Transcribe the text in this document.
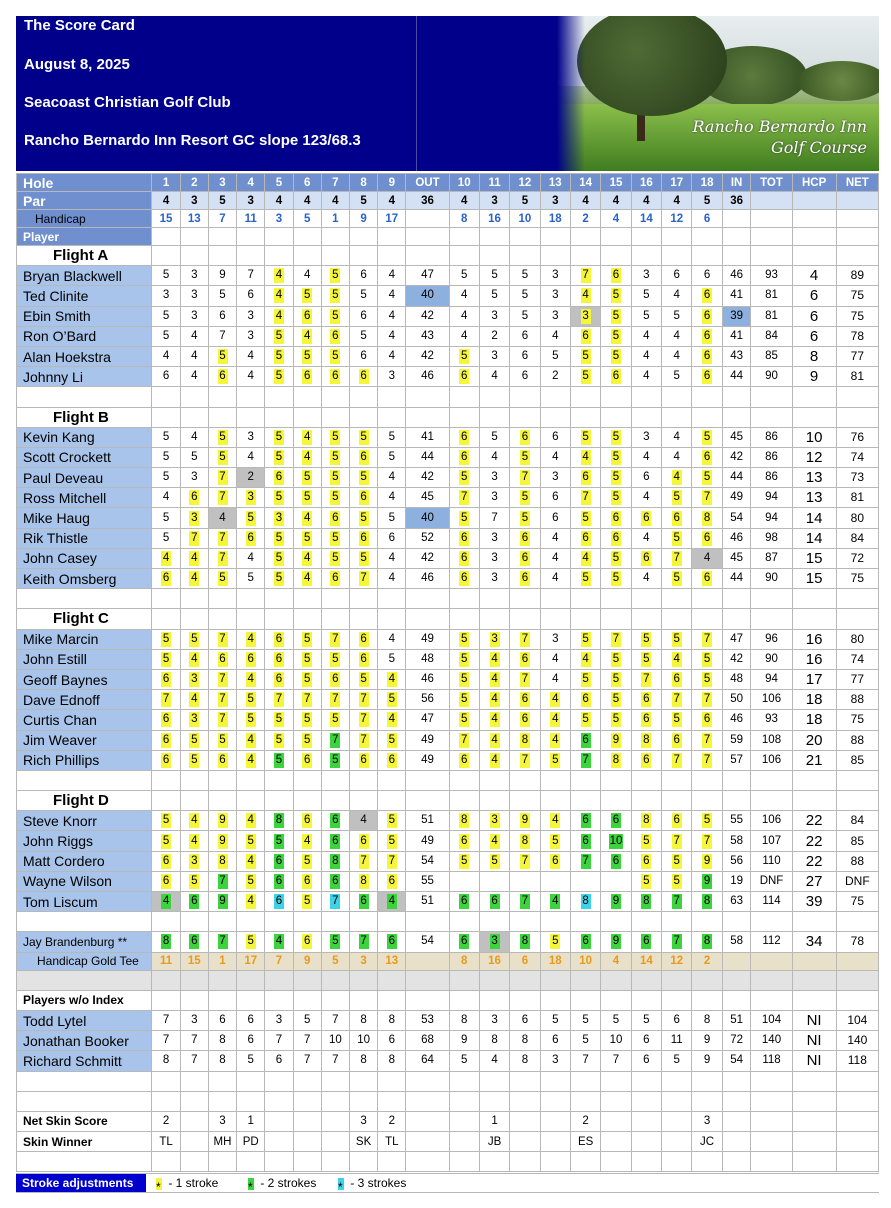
The Score Card
August 8, 2025
Seacoast Christian Golf Club
Rancho Bernardo Inn Resort GC slope 123/68.3
Rancho Bernardo Inn
Golf Course
Hole	1	2	3	4	5	6	7	8	9	OUT	10	11	12	13	14	15	16	17	18	IN	TOT	HCP	NET
Par	4	3	5	3	4	4	4	5	4	36	4	3	5	3	4	4	4	4	5	36			
Handicap	15	13	7	11	3	5	1	9	17		8	16	10	18	2	4	14	12	6				
Player																							
Flight A																							
Bryan Blackwell	5	3	9	7	4	4	5	6	4	47	5	5	5	3	7	6	3	6	6	46	93	4	89
Ted Clinite	3	3	5	6	4	5	5	5	4	40	4	5	5	3	4	5	5	4	6	41	81	6	75
Ebin Smith	5	3	6	3	4	6	5	6	4	42	4	3	5	3	3	5	5	5	6	39	81	6	75
Ron O’Bard	5	4	7	3	5	4	6	5	4	43	4	2	6	4	6	5	4	4	6	41	84	6	78
Alan Hoekstra	4	4	5	4	5	5	5	6	4	42	5	3	6	5	5	5	4	4	6	43	85	8	77
Johnny Li	6	4	6	4	5	6	6	6	3	46	6	4	6	2	5	6	4	5	6	44	90	9	81

Flight B																							
Kevin Kang	5	4	5	3	5	4	5	5	5	41	6	5	6	6	5	5	3	4	5	45	86	10	76
Scott Crockett	5	5	5	4	5	4	5	6	5	44	6	4	5	4	4	5	4	4	6	42	86	12	74
Paul Deveau	5	3	7	2	6	5	5	5	4	42	5	3	7	3	6	5	6	4	5	44	86	13	73
Ross Mitchell	4	6	7	3	5	5	5	6	4	45	7	3	5	6	7	5	4	5	7	49	94	13	81
Mike Haug	5	3	4	5	3	4	6	5	5	40	5	7	5	6	5	6	6	6	8	54	94	14	80
Rik Thistle	5	7	7	6	5	5	5	6	6	52	6	3	6	4	6	6	4	5	6	46	98	14	84
John Casey	4	4	7	4	5	4	5	5	4	42	6	3	6	4	4	5	6	7	4	45	87	15	72
Keith Omsberg	6	4	5	5	5	4	6	7	4	46	6	3	6	4	5	5	4	5	6	44	90	15	75

Flight C																							
Mike Marcin	5	5	7	4	6	5	7	6	4	49	5	3	7	3	5	7	5	5	7	47	96	16	80
John Estill	5	4	6	6	6	5	5	6	5	48	5	4	6	4	4	5	5	4	5	42	90	16	74
Geoff Baynes	6	3	7	4	6	5	6	5	4	46	5	4	7	4	5	5	7	6	5	48	94	17	77
Dave Ednoff	7	4	7	5	7	7	7	7	5	56	5	4	6	4	6	5	6	7	7	50	106	18	88
Curtis Chan	6	3	7	5	5	5	5	7	4	47	5	4	6	4	5	5	6	5	6	46	93	18	75
Jim Weaver	6	5	5	4	5	5	7	7	5	49	7	4	8	4	6	9	8	6	7	59	108	20	88
Rich Phillips	6	5	6	4	5	6	5	6	6	49	6	4	7	5	7	8	6	7	7	57	106	21	85

Flight D																							
Steve Knorr	5	4	9	4	8	6	6	4	5	51	8	3	9	4	6	6	8	6	5	55	106	22	84
John Riggs	5	4	9	5	5	4	6	6	5	49	6	4	8	5	6	10	5	7	7	58	107	22	85
Matt Cordero	6	3	8	4	6	5	8	7	7	54	5	5	7	6	7	6	6	5	9	56	110	22	88
Wayne Wilson	6	5	7	5	6	6	6	8	6	55							5	5	9	19	DNF	27	DNF
Tom Liscum	4	6	9	4	6	5	7	6	4	51	6	6	7	4	8	9	8	7	8	63	114	39	75

Jay Brandenburg **	8	6	7	5	4	6	5	7	6	54	6	3	8	5	6	9	6	7	8	58	112	34	78
Handicap Gold Tee	11	15	1	17	7	9	5	3	13		8	16	6	18	10	4	14	12	2				

Players w/o Index																							
Todd Lytel	7	3	6	6	3	5	7	8	8	53	8	3	6	5	5	5	5	6	8	51	104	NI	104
Jonathan Booker	7	7	8	6	7	7	10	10	6	68	9	8	8	6	5	10	6	11	9	72	140	NI	140
Richard Schmitt	8	7	8	5	6	7	7	8	8	64	5	4	8	3	7	7	6	5	9	54	118	NI	118

Net Skin Score	2		3	1				3	2			1			2				3				
Skin Winner	TL		MH	PD				SK	TL			JB			ES				JC				

Stroke adjustments	* - 1 stroke * - 2 strokes * - 3 strokes
